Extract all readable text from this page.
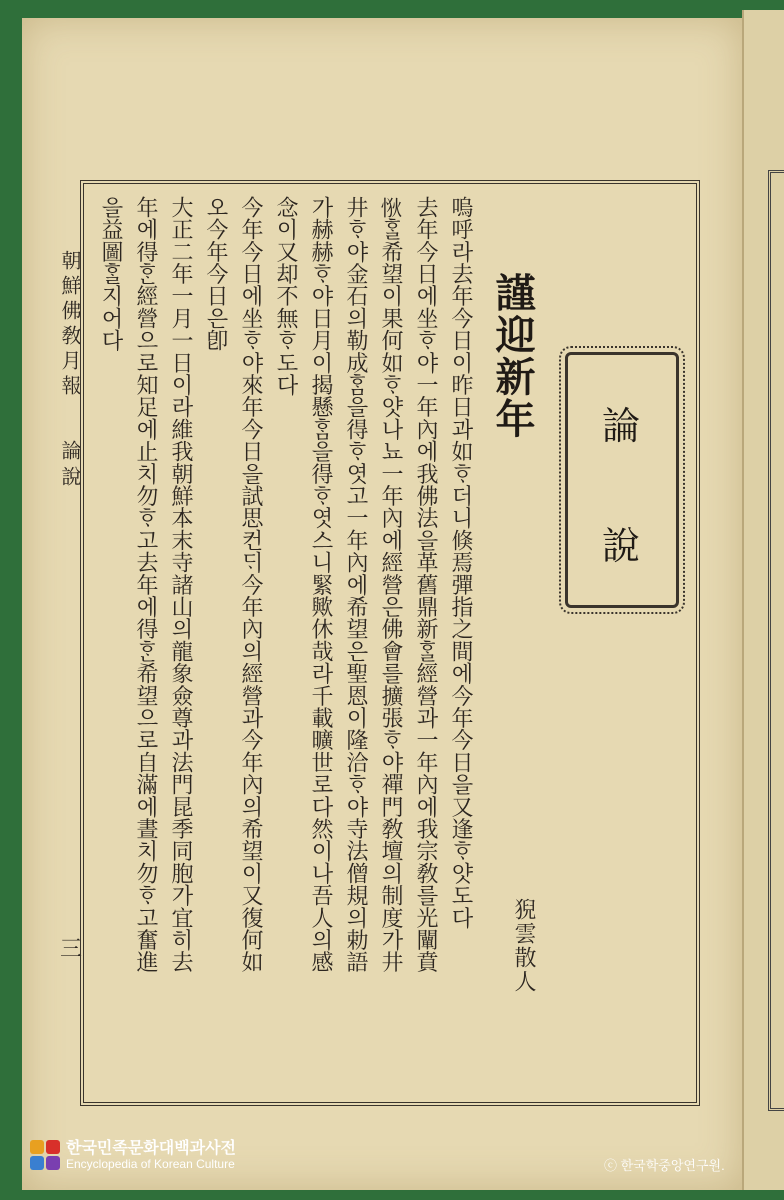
朝鮮佛敎月報
論說
三
論
說
謹迎新年
猊雲散人
嗚呼라去年今日이昨日과如ᄒᆞ더니倏焉彈指之間에今年今日을又逢ᄒᆞ얏도다
去年今日에坐ᄒᆞ야一年內에我佛法을革舊鼎新ᄒᆞᆯ經營과一年內에我宗敎를光闡賁
𢙹ᄒᆞᆯ希望이果何如ᄒᆞ얏나뇨一年內에經營은佛會를擴張ᄒᆞ야禪門敎壇의制度가井
井ᄒᆞ야金石의勒成ᄒᆞᆷ을得ᄒᆞ엿고一年內에希望은聖恩이隆洽ᄒᆞ야寺法僧規의勅語
가赫赫ᄒᆞ야日月이揭懸ᄒᆞᆷ을得ᄒᆞ엿스니緊歟休哉라千載曠世로다然이나吾人의感
念이又却不無ᄒᆞ도다
今年今日에坐ᄒᆞ야來年今日을試思컨ᄃᆡ今年內의經營과今年內의希望이又復何如
오今年今日은卽
大正二年一月一日이라維我朝鮮本末寺諸山의龍象僉尊과法門昆季同胞가宜히去
年에得ᄒᆞᆫ經營으로知足에止치勿ᄒᆞ고去年에得ᄒᆞᆫ希望으로自滿에晝치勿ᄒᆞ고奮進
을益圖ᄒᆞᆯ지어다
한국민족문화대백과사전
Encyclopedia of Korean Culture	ⓒ 한국학중앙연구원.
